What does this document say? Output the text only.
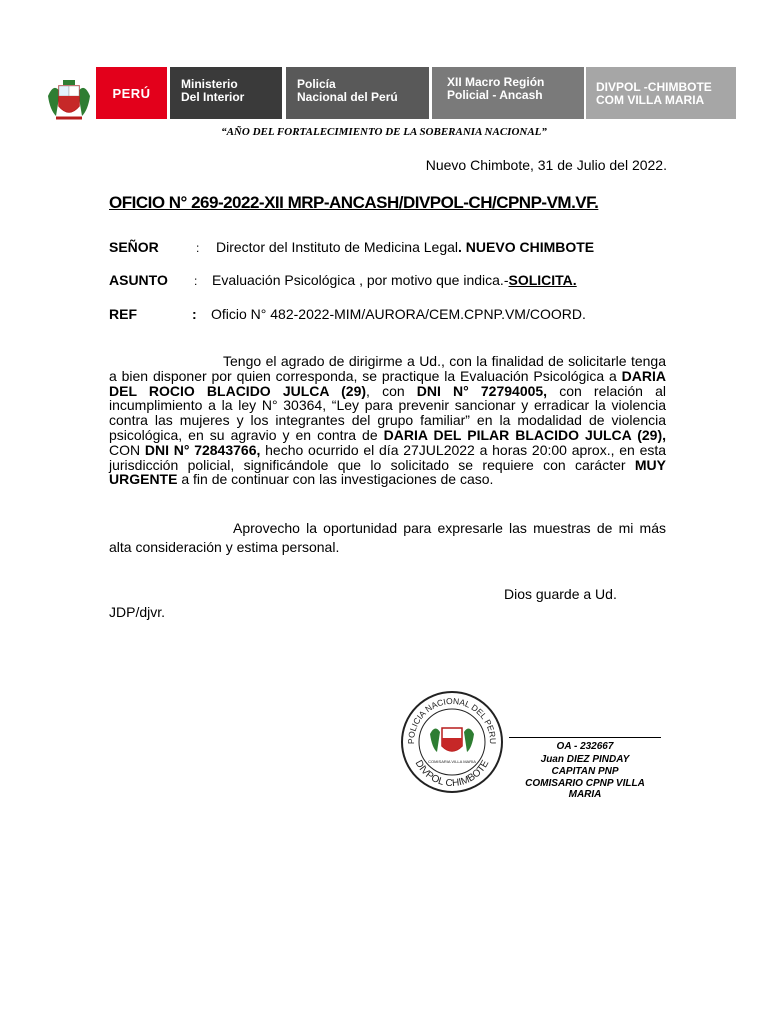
PERÚ
Ministerio
Del Interior
Policía
Nacional del Perú
XII Macro Región
Policial - Ancash
DIVPOL -CHIMBOTE
COM VILLA MARIA
“AÑO DEL FORTALECIMIENTO DE LA SOBERANIA NACIONAL”
Nuevo Chimbote, 31 de Julio del 2022.
OFICIO N° 269-2022-XII MRP-ANCASH/DIVPOL-CH/CPNP-VM.VF.
SEÑOR	: Director del Instituto de Medicina Legal. NUEVO CHIMBOTE
ASUNTO : Evaluación Psicológica , por motivo que indica.-SOLICITA.
REF	: Oficio N° 482-2022-MIM/AURORA/CEM.CPNP.VM/COORD.
Tengo el agrado de dirigirme a Ud., con la finalidad de solicitarle tenga a bien disponer por quien corresponda, se practique la Evaluación Psicológica a DARIA DEL ROCIO BLACIDO JULCA (29), con DNI N° 72794005, con relación al incumplimiento a la ley N° 30364, “Ley para prevenir sancionar y erradicar la violencia contra las mujeres y los integrantes del grupo familiar” en la modalidad de violencia psicológica, en su agravio y en contra de DARIA DEL PILAR BLACIDO JULCA (29), CON DNI N° 72843766, hecho ocurrido el día 27JUL2022 a horas 20:00 aprox., en esta jurisdicción policial, significándole que lo solicitado se requiere con carácter MUY URGENTE a fin de continuar con las investigaciones de caso.
Aprovecho la oportunidad para expresarle las muestras de mi más alta consideración y estima personal.
Dios guarde a Ud.
JDP/djvr.
POLICIA NACIONAL DEL PERU
DIVPOL CHIMBOTE
COMISARIA VILLA MARIA
OA - 232667
Juan DIEZ PINDAY
CAPITAN PNP
COMISARIO CPNP VILLA MARIA
